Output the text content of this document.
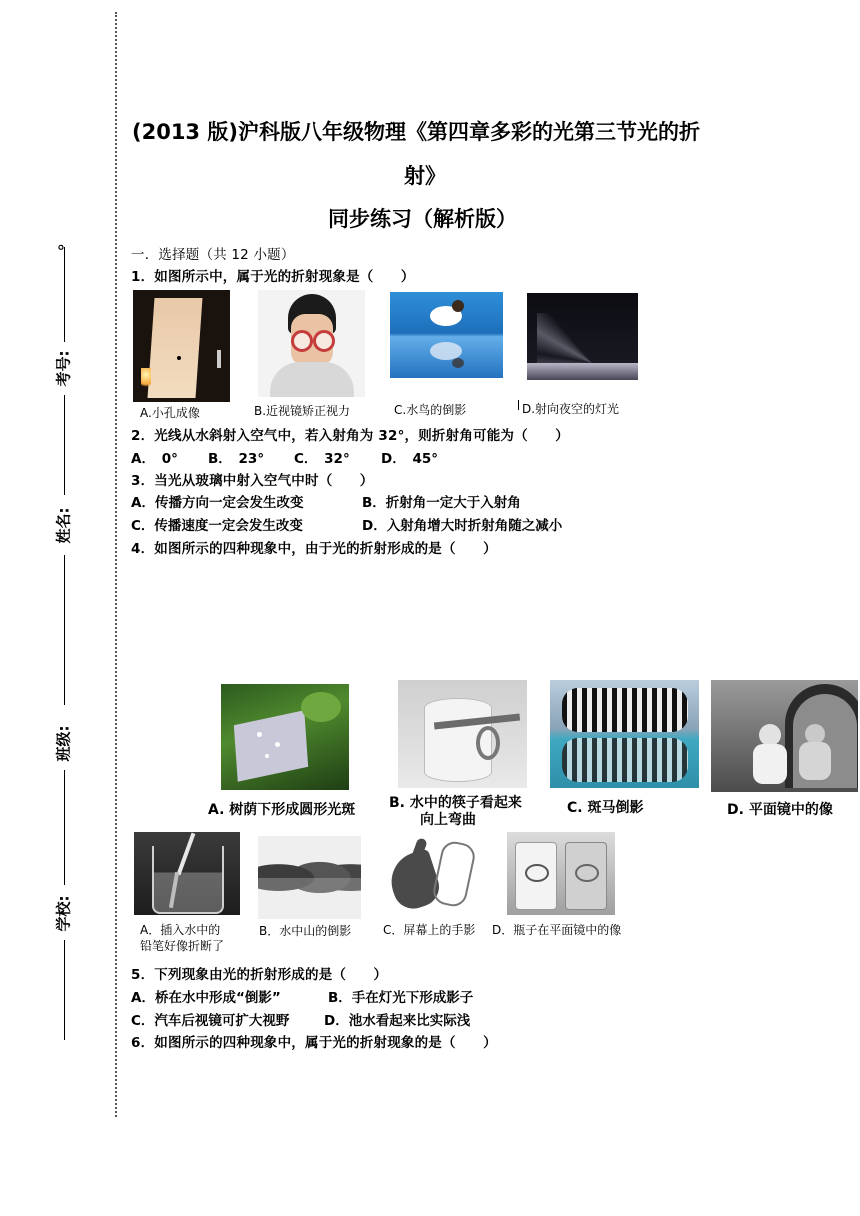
。
考号:
姓名:
班级:
学校:
(2013 版)沪科版八年级物理《第四章多彩的光第三节光的折
射》
同步练习（解析版）
一．选择题（共 12 小题）
1．如图所示中，属于光的折射现象是（　　）
A.小孔成像	B.近视镜矫正视力	C.水鸟的倒影	D.射向夜空的灯光
2．光线从水斜射入空气中，若入射角为 32°，则折射角可能为（　　）
A．　0° B．　23° C．　32° D．　45°
3．当光从玻璃中射入空气中时（　　）
A．传播方向一定会发生改变	B．折射角一定大于入射角
C．传播速度一定会发生改变	D．入射角增大时折射角随之减小
4．如图所示的四种现象中，由于光的折射形成的是（　　）
A. 树荫下形成圆形光斑 B. 水中的筷子看起来
向上弯曲
C. 斑马倒影	D. 平面镜中的像
A．插入水中的
铅笔好像折断了
B．水中山的倒影	C．屏幕上的手影 D．瓶子在平面镜中的像
5．下列现象由光的折射形成的是（　　）
A．桥在水中形成“倒影”	B．手在灯光下形成影子
C．汽车后视镜可扩大视野	D．池水看起来比实际浅
6．如图所示的四种现象中，属于光的折射现象的是（　　）
